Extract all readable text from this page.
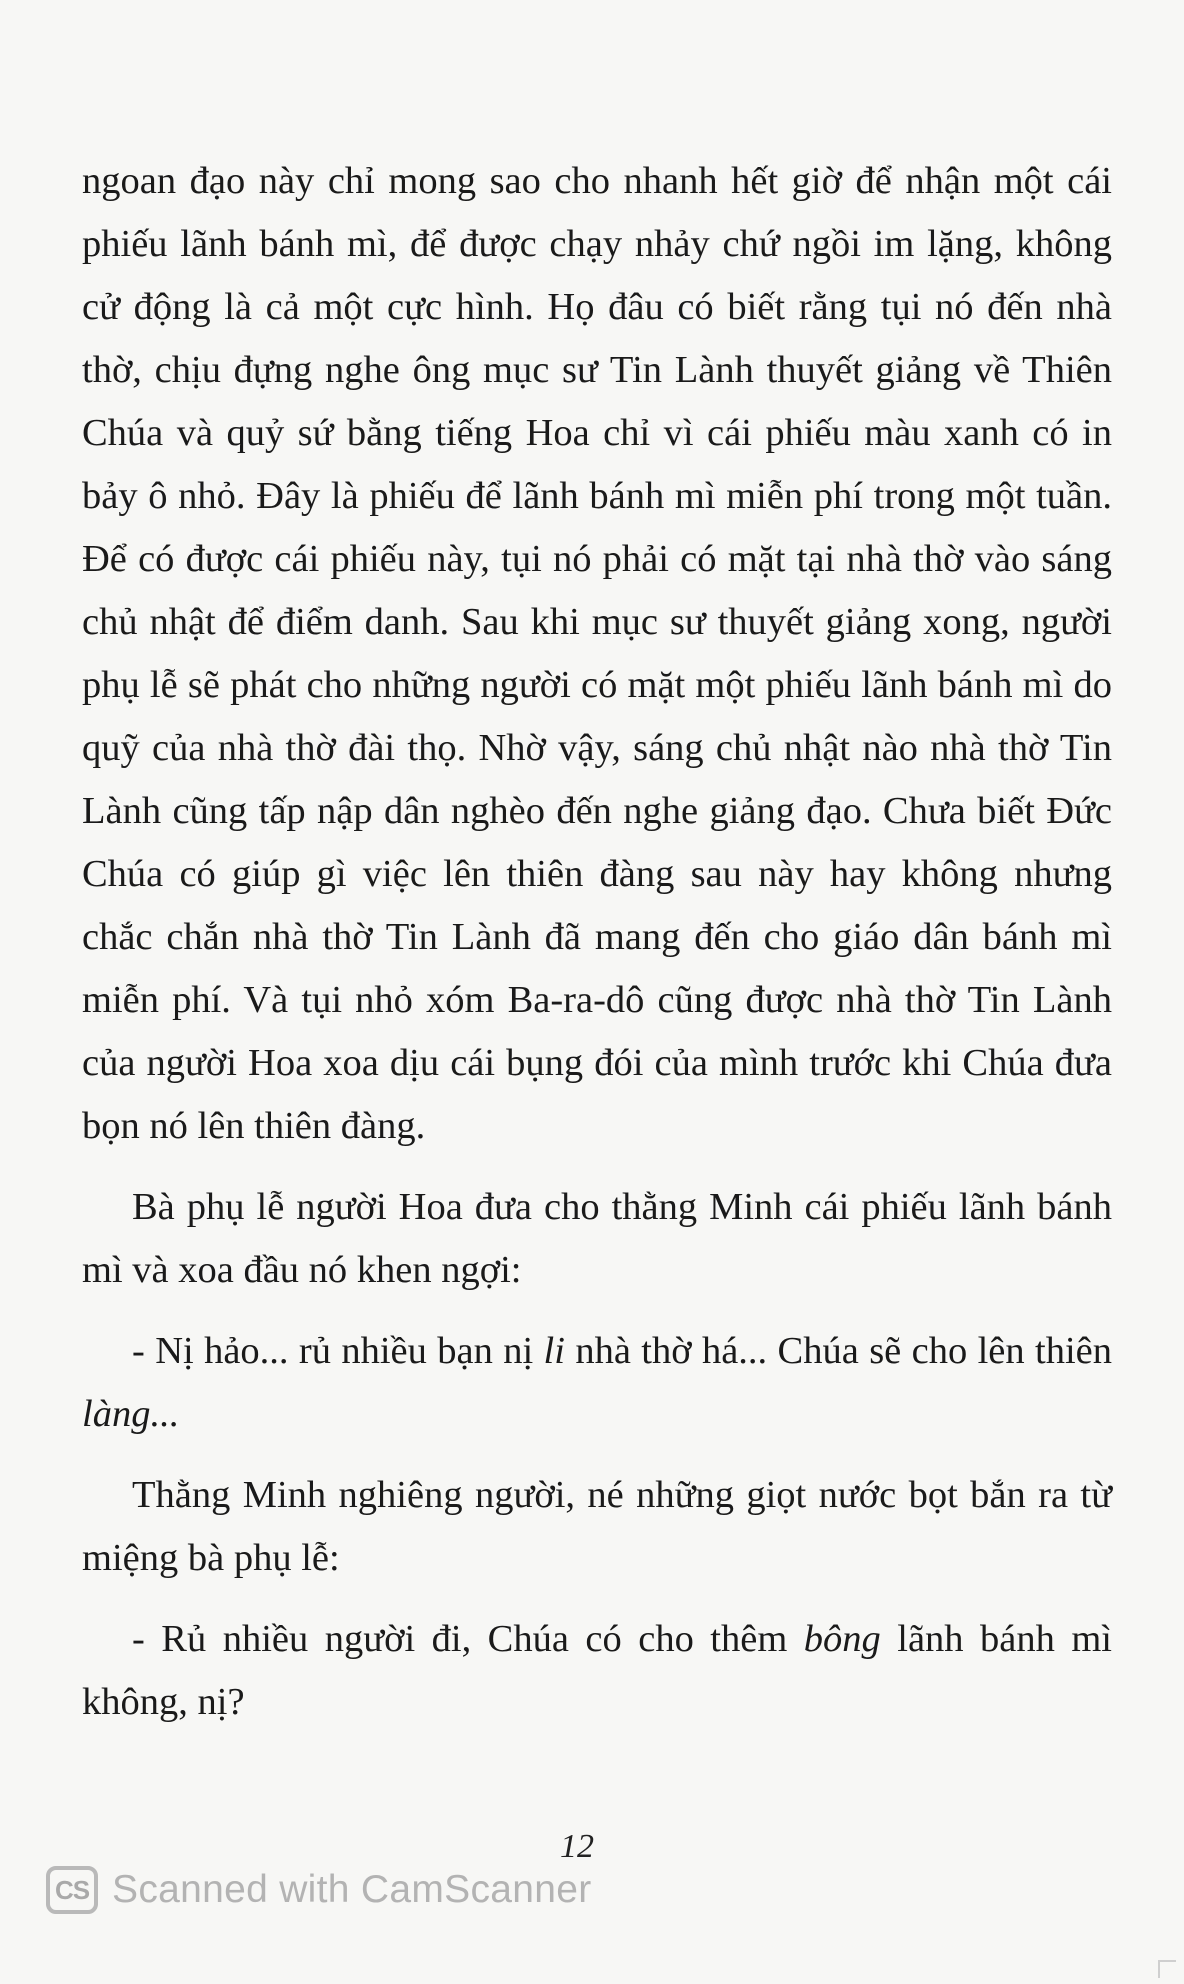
ngoan đạo này chỉ mong sao cho nhanh hết giờ để nhận một cái phiếu lãnh bánh mì, để được chạy nhảy chứ ngồi im lặng, không cử động là cả một cực hình. Họ đâu có biết rằng tụi nó đến nhà thờ, chịu đựng nghe ông mục sư Tin Lành thuyết giảng về Thiên Chúa và quỷ sứ bằng tiếng Hoa chỉ vì cái phiếu màu xanh có in bảy ô nhỏ. Đây là phiếu để lãnh bánh mì miễn phí trong một tuần. Để có được cái phiếu này, tụi nó phải có mặt tại nhà thờ vào sáng chủ nhật để điểm danh. Sau khi mục sư thuyết giảng xong, người phụ lễ sẽ phát cho những người có mặt một phiếu lãnh bánh mì do quỹ của nhà thờ đài thọ. Nhờ vậy, sáng chủ nhật nào nhà thờ Tin Lành cũng tấp nập dân nghèo đến nghe giảng đạo. Chưa biết Đức Chúa có giúp gì việc lên thiên đàng sau này hay không nhưng chắc chắn nhà thờ Tin Lành đã mang đến cho giáo dân bánh mì miễn phí. Và tụi nhỏ xóm Ba-ra-dô cũng được nhà thờ Tin Lành của người Hoa xoa dịu cái bụng đói của mình trước khi Chúa đưa bọn nó lên thiên đàng.

Bà phụ lễ người Hoa đưa cho thằng Minh cái phiếu lãnh bánh mì và xoa đầu nó khen ngợi:

- Nị hảo... rủ nhiều bạn nị li nhà thờ há... Chúa sẽ cho lên thiên làng...

Thằng Minh nghiêng người, né những giọt nước bọt bắn ra từ miệng bà phụ lễ:

- Rủ nhiều người đi, Chúa có cho thêm bông lãnh bánh mì không, nị?

12
CS Scanned with CamScanner
